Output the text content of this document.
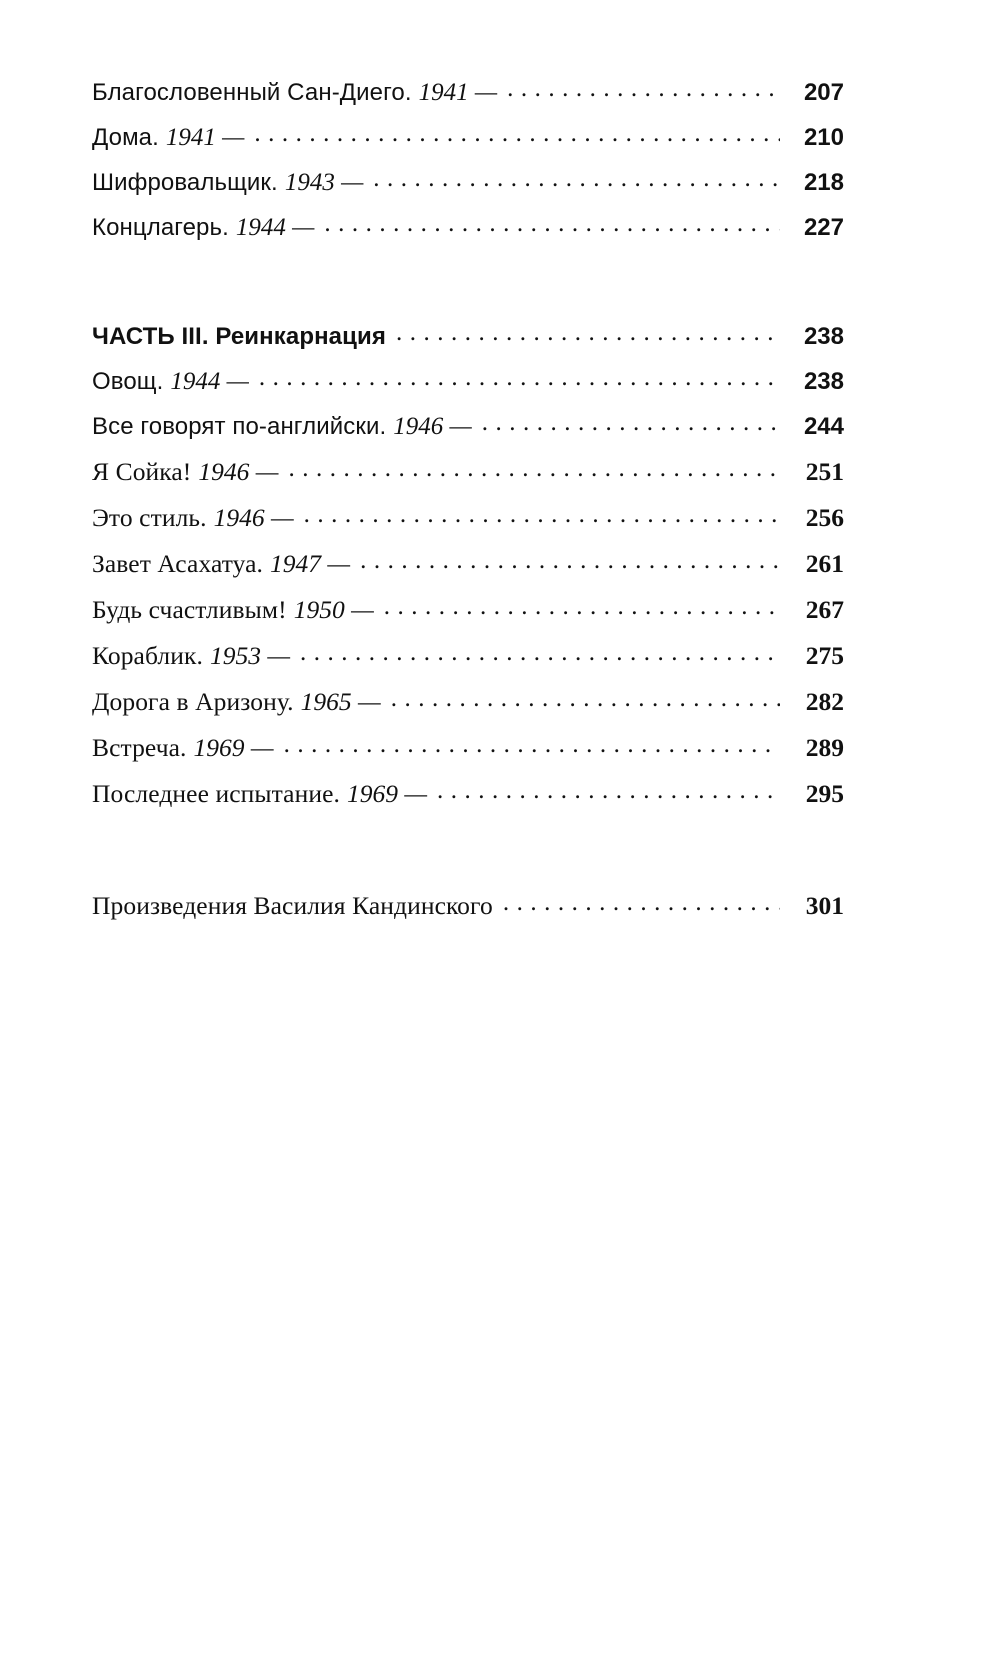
Благословенный Сан-Диего. 1941 — .....	207
Дома. 1941 — .....	210
Шифровальщик. 1943 — .....	218
Концлагерь. 1944 — .....	227
ЧАСТЬ III. Реинкарнация .....	238
Овощ. 1944 — .....	238
Все говорят по-английски. 1946 — .....	244
Я Сойка! 1946 — .....	251
Это стиль. 1946 — .....	256
Завет Асахатуа. 1947 — .....	261
Будь счастливым! 1950 — .....	267
Кораблик. 1953 — .....	275
Дорога в Аризону. 1965 — .....	282
Встреча. 1969 — .....	289
Последнее испытание. 1969 — .....	295
Произведения Василия Кандинского .....	301
